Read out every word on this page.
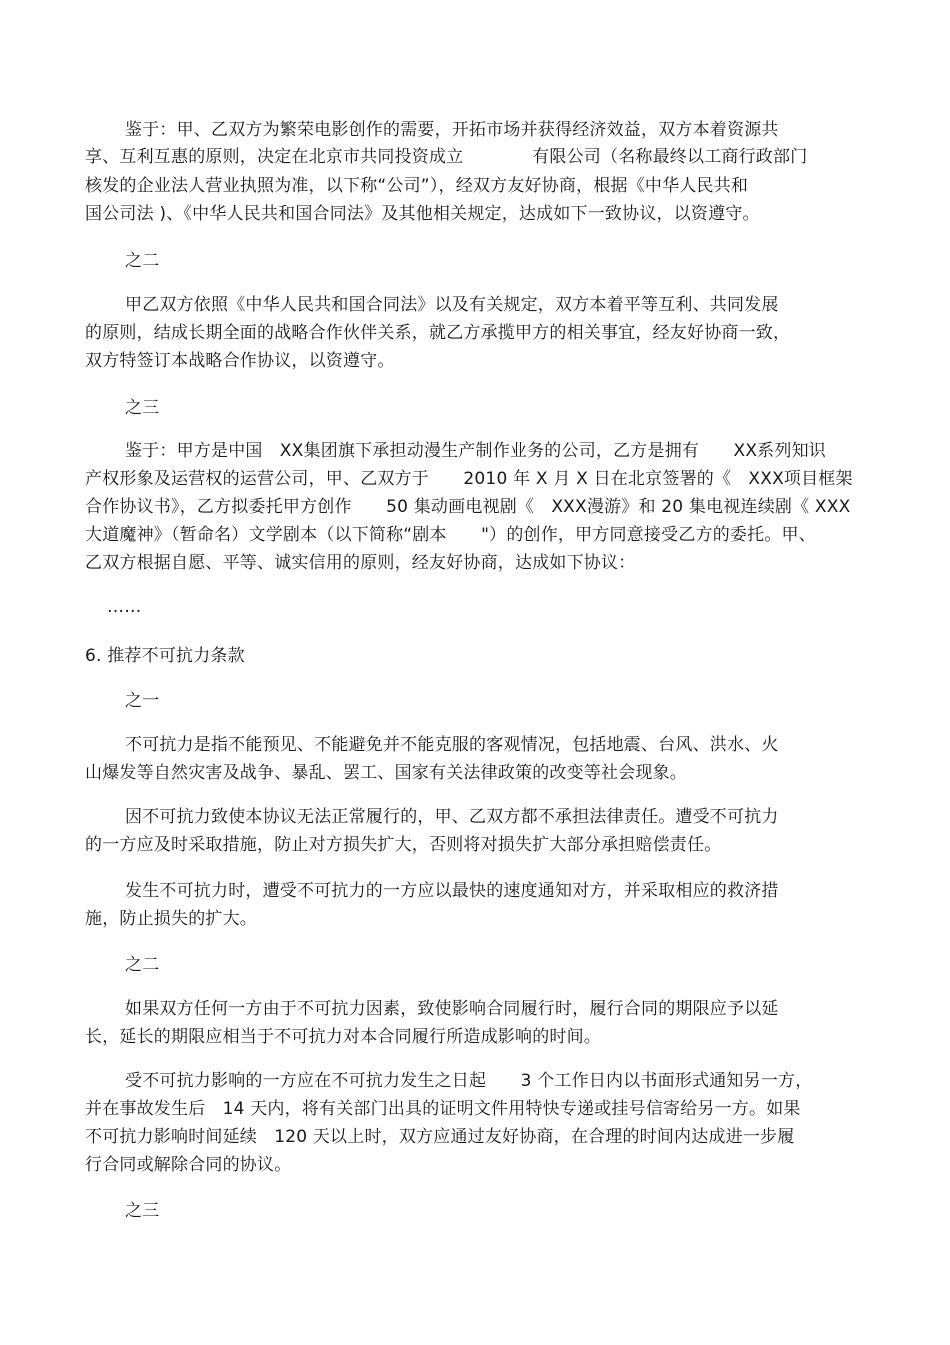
鉴于：甲、乙双方为繁荣电影创作的需要，开拓市场并获得经济效益，双方本着资源共
享、互利互惠的原则，决定在北京市共同投资成立　　　　有限公司（名称最终以工商行政部门
核发的企业法人营业执照为准，以下称“公司”），经双方友好协商，根据《中华人民共和
国公司法 )、《中华人民共和国合同法》及其他相关规定，达成如下一致协议，以资遵守。
之二
甲乙双方依照《中华人民共和国合同法》以及有关规定，双方本着平等互利、共同发展
的原则，结成长期全面的战略合作伙伴关系，就乙方承揽甲方的相关事宜，经友好协商一致，
双方特签订本战略合作协议，以资遵守。
之三
鉴于：甲方是中国　XX集团旗下承担动漫生产制作业务的公司，乙方是拥有　　XX系列知识
产权形象及运营权的运营公司，甲、乙双方于　　2010 年 X 月 X 日在北京签署的《　XXX项目框架
合作协议书》，乙方拟委托甲方创作　　50 集动画电视剧《　XXX漫游》和 20 集电视连续剧《 XXX
大道魔神》（暂命名）文学剧本（以下简称“剧本　　"）的创作，甲方同意接受乙方的委托。甲、
乙双方根据自愿、平等、诚实信用的原则，经友好协商，达成如下协议：
……
6. 推荐不可抗力条款
之一
不可抗力是指不能预见、不能避免并不能克服的客观情况，包括地震、台风、洪水、火
山爆发等自然灾害及战争、暴乱、罢工、国家有关法律政策的改变等社会现象。
因不可抗力致使本协议无法正常履行的，甲、乙双方都不承担法律责任。遭受不可抗力
的一方应及时采取措施，防止对方损失扩大，否则将对损失扩大部分承担赔偿责任。
发生不可抗力时，遭受不可抗力的一方应以最快的速度通知对方，并采取相应的救济措
施，防止损失的扩大。
之二
如果双方任何一方由于不可抗力因素，致使影响合同履行时，履行合同的期限应予以延
长，延长的期限应相当于不可抗力对本合同履行所造成影响的时间。
受不可抗力影响的一方应在不可抗力发生之日起　　3 个工作日内以书面形式通知另一方，
并在事故发生后　14 天内，将有关部门出具的证明文件用特快专递或挂号信寄给另一方。如果
不可抗力影响时间延续　120 天以上时，双方应通过友好协商，在合理的时间内达成进一步履
行合同或解除合同的协议。
之三
